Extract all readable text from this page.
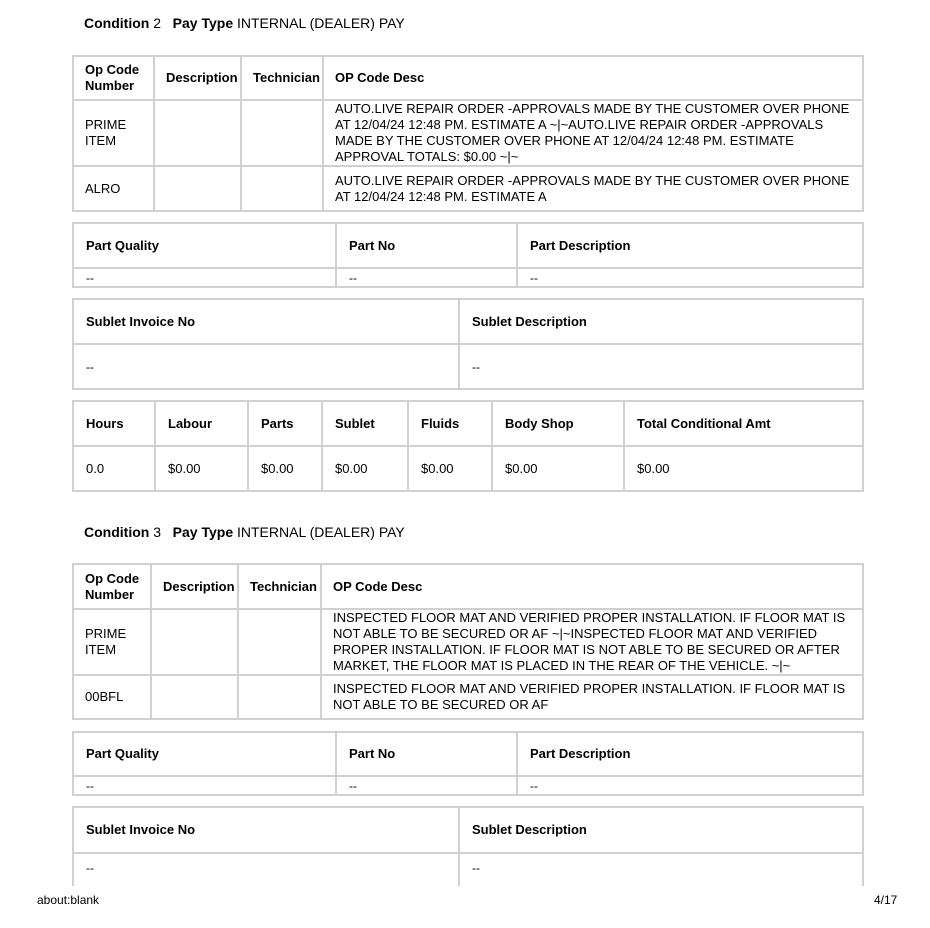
Condition 2 Pay Type INTERNAL (DEALER) PAY
Op Code Number	Description	Technician	OP Code Desc
PRIME ITEM			AUTO.LIVE REPAIR ORDER -APPROVALS MADE BY THE CUSTOMER OVER PHONE AT 12/04/24 12:48 PM. ESTIMATE A ~|~AUTO.LIVE REPAIR ORDER -APPROVALS MADE BY THE CUSTOMER OVER PHONE AT 12/04/24 12:48 PM. ESTIMATE APPROVAL TOTALS: $0.00 ~|~
ALRO			AUTO.LIVE REPAIR ORDER -APPROVALS MADE BY THE CUSTOMER OVER PHONE AT 12/04/24 12:48 PM. ESTIMATE A
Part Quality	Part No	Part Description
--	--	--
Sublet Invoice No	Sublet Description
--	--
Hours	Labour	Parts	Sublet	Fluids	Body Shop	Total Conditional Amt
0.0	$0.00	$0.00	$0.00	$0.00	$0.00	$0.00
Condition 3 Pay Type INTERNAL (DEALER) PAY
Op Code Number	Description	Technician	OP Code Desc
PRIME ITEM			INSPECTED FLOOR MAT AND VERIFIED PROPER INSTALLATION. IF FLOOR MAT IS NOT ABLE TO BE SECURED OR AF ~|~INSPECTED FLOOR MAT AND VERIFIED PROPER INSTALLATION. IF FLOOR MAT IS NOT ABLE TO BE SECURED OR AFTER MARKET, THE FLOOR MAT IS PLACED IN THE REAR OF THE VEHICLE. ~|~
00BFL			INSPECTED FLOOR MAT AND VERIFIED PROPER INSTALLATION. IF FLOOR MAT IS NOT ABLE TO BE SECURED OR AF
Part Quality	Part No	Part Description
--	--	--
Sublet Invoice No	Sublet Description
--	--
about:blank	4/17
